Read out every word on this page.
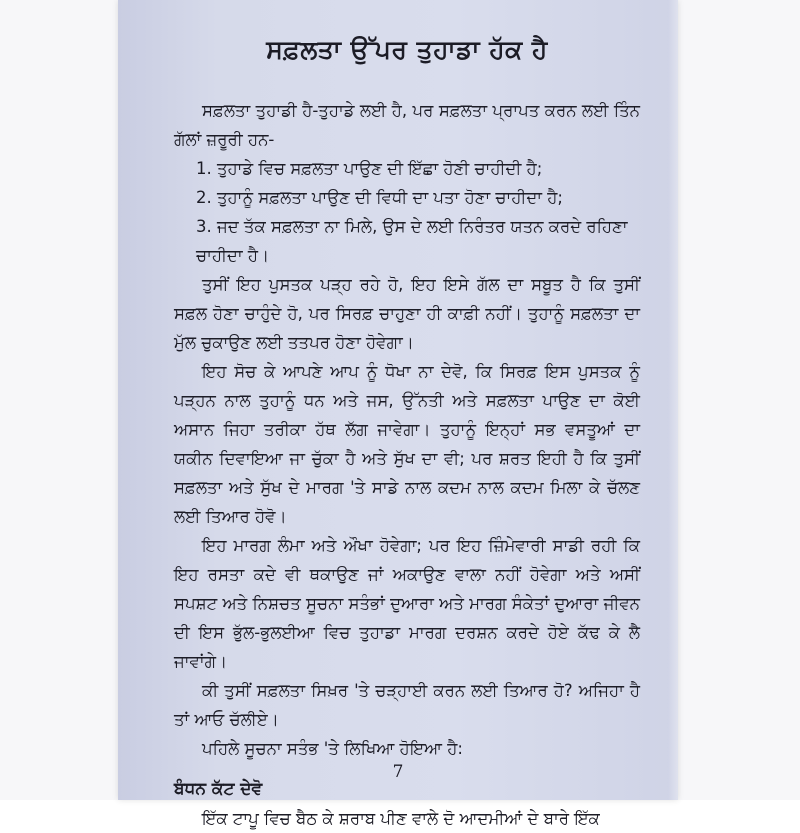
ਸਫ਼ਲਤਾ ਉੱਪਰ ਤੁਹਾਡਾ ਹੱਕ ਹੈ

ਸਫ਼ਲਤਾ ਤੁਹਾਡੀ ਹੈ-ਤੁਹਾਡੇ ਲਈ ਹੈ, ਪਰ ਸਫ਼ਲਤਾ ਪ੍ਰਾਪਤ ਕਰਨ ਲਈ ਤਿੰਨ ਗੱਲਾਂ ਜ਼ਰੂਰੀ ਹਨ-

1. ਤੁਹਾਡੇ ਵਿਚ ਸਫ਼ਲਤਾ ਪਾਉਣ ਦੀ ਇੱਛਾ ਹੋਣੀ ਚਾਹੀਦੀ ਹੈ;

2. ਤੁਹਾਨੂੰ ਸਫ਼ਲਤਾ ਪਾਉਣ ਦੀ ਵਿਧੀ ਦਾ ਪਤਾ ਹੋਣਾ ਚਾਹੀਦਾ ਹੈ;

3. ਜਦ ਤੱਕ ਸਫ਼ਲਤਾ ਨਾ ਮਿਲੇ, ਉਸ ਦੇ ਲਈ ਨਿਰੰਤਰ ਯਤਨ ਕਰਦੇ ਰਹਿਣਾ ਚਾਹੀਦਾ ਹੈ।

ਤੁਸੀਂ ਇਹ ਪੁਸਤਕ ਪੜ੍ਹ ਰਹੇ ਹੋ, ਇਹ ਇਸੇ ਗੱਲ ਦਾ ਸਬੂਤ ਹੈ ਕਿ ਤੁਸੀਂ ਸਫ਼ਲ ਹੋਣਾ ਚਾਹੁੰਦੇ ਹੋ, ਪਰ ਸਿਰਫ਼ ਚਾਹੁਣਾ ਹੀ ਕਾਫ਼ੀ ਨਹੀਂ। ਤੁਹਾਨੂੰ ਸਫ਼ਲਤਾ ਦਾ ਮੁੱਲ ਚੁਕਾਉਣ ਲਈ ਤਤਪਰ ਹੋਣਾ ਹੋਵੇਗਾ।

ਇਹ ਸੋਚ ਕੇ ਆਪਣੇ ਆਪ ਨੂੰ ਧੋਖਾ ਨਾ ਦੇਵੋ, ਕਿ ਸਿਰਫ਼ ਇਸ ਪੁਸਤਕ ਨੂੰ ਪੜ੍ਹਨ ਨਾਲ ਤੁਹਾਨੂੰ ਧਨ ਅਤੇ ਜਸ, ਉੱਨਤੀ ਅਤੇ ਸਫ਼ਲਤਾ ਪਾਉਣ ਦਾ ਕੋਈ ਅਸਾਨ ਜਿਹਾ ਤਰੀਕਾ ਹੱਥ ਲੱਗ ਜਾਵੇਗਾ। ਤੁਹਾਨੂੰ ਇਨ੍ਹਾਂ ਸਭ ਵਸਤੂਆਂ ਦਾ ਯਕੀਨ ਦਿਵਾਇਆ ਜਾ ਚੁੱਕਾ ਹੈ ਅਤੇ ਸੁੱਖ ਦਾ ਵੀ; ਪਰ ਸ਼ਰਤ ਇਹੀ ਹੈ ਕਿ ਤੁਸੀਂ ਸਫ਼ਲਤਾ ਅਤੇ ਸੁੱਖ ਦੇ ਮਾਰਗ 'ਤੇ ਸਾਡੇ ਨਾਲ ਕਦਮ ਨਾਲ ਕਦਮ ਮਿਲਾ ਕੇ ਚੱਲਣ ਲਈ ਤਿਆਰ ਹੋਵੋ।

ਇਹ ਮਾਰਗ ਲੰਮਾ ਅਤੇ ਔਖਾ ਹੋਵੇਗਾ; ਪਰ ਇਹ ਜ਼ਿੰਮੇਵਾਰੀ ਸਾਡੀ ਰਹੀ ਕਿ ਇਹ ਰਸਤਾ ਕਦੇ ਵੀ ਥਕਾਉਣ ਜਾਂ ਅਕਾਉਣ ਵਾਲਾ ਨਹੀਂ ਹੋਵੇਗਾ ਅਤੇ ਅਸੀਂ ਸਪਸ਼ਟ ਅਤੇ ਨਿਸ਼ਚਤ ਸੂਚਨਾ ਸਤੰਭਾਂ ਦੁਆਰਾ ਅਤੇ ਮਾਰਗ ਸੰਕੇਤਾਂ ਦੁਆਰਾ ਜੀਵਨ ਦੀ ਇਸ ਭੁੱਲ-ਭੁਲਈਆ ਵਿਚ ਤੁਹਾਡਾ ਮਾਰਗ ਦਰਸ਼ਨ ਕਰਦੇ ਹੋਏ ਕੱਢ ਕੇ ਲੈ ਜਾਵਾਂਗੇ।

ਕੀ ਤੁਸੀਂ ਸਫ਼ਲਤਾ ਸਿਖ਼ਰ 'ਤੇ ਚੜ੍ਹਾਈ ਕਰਨ ਲਈ ਤਿਆਰ ਹੋ? ਅਜਿਹਾ ਹੈ ਤਾਂ ਆਓ ਚੱਲੀਏ।

ਪਹਿਲੇ ਸੂਚਨਾ ਸਤੰਭ 'ਤੇ ਲਿਖਿਆ ਹੋਇਆ ਹੈ:

ਬੰਧਨ ਕੱਟ ਦੇਵੋ

ਇੱਕ ਟਾਪੂ ਵਿਚ ਬੈਠ ਕੇ ਸ਼ਰਾਬ ਪੀਣ ਵਾਲੇ ਦੋ ਆਦਮੀਆਂ ਦੇ ਬਾਰੇ ਇੱਕ

7
